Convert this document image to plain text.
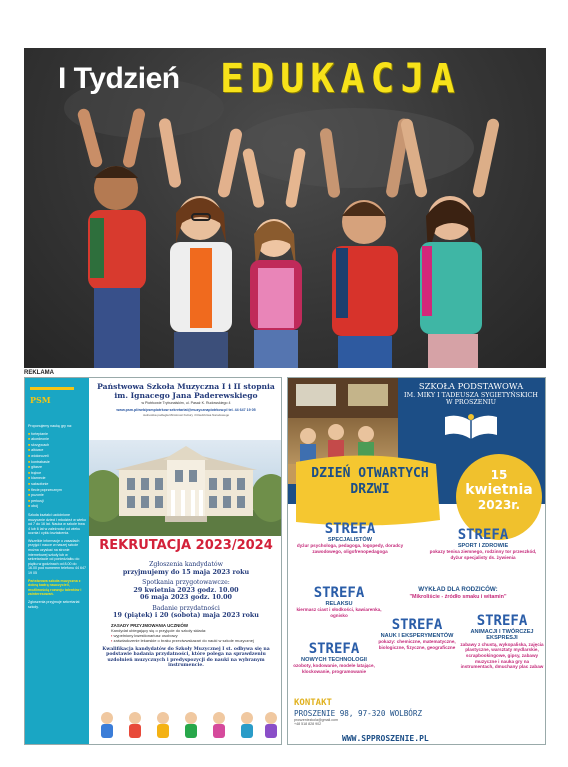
I Tydzień EDUKACJA
REKLAMA
PSM

Proponujemy naukę gry na:

■ fortepianie
■ akordeonie
■ skrzypcach
■ altówce
■ wiolonczeli
■ kontrabasie
■ gitarze
■ trąbce
■ klarnecie
■ saksofonie
■ flecie poprzecznym
■ puzonie
■ perkusji
■ obój

Szkoła kształci uzdolnione muzycznie dzieci i młodzież w wieku od 7 do 16 lat. Nauka w szkole trwa 4 lub 6 lat w zależności od wieku ucznia i cyklu kształcenia.

Wszelkie informacje o zasadach przyjęć i nauce w naszej szkole można uzyskać na stronie internetowej szkoły lub w sekretariacie od poniedziałku do piątku w godzinach od 8.00 do 16.00 pod numerem telefonu 44 647 19 05

Państwowa szkoła muzyczna z dobrą kadrą nauczycieli, możliwością rozwoju talentów i zainteresowań.

Zgłoszenia przyjmuje sekretariat szkoły.

Państwowa Szkoła Muzyczna I i II stopnia
im. Ignacego Jana Paderewskiego
w Piotrkowie Trybunalskim, ul. Pasaż K. Rudowskiego 4
www.psm.pl/web/psmpiotrkow sekretariat@muzycznapiotrkow.pl tel. 44 647 19 05
Jednostka podległa Ministrowi Kultury i Dziedzictwa Narodowego
REKRUTACJA 2023/2024
Zgłoszenia kandydatów
przyjmujemy do 15 maja 2023 roku
Spotkania przygotowawcze:
29 kwietnia 2023 godz. 10.00
06 maja 2023 godz. 10.00
Badanie przydatności
19 (piątek) i 20 (sobota) maja 2023 roku
ZASADY PRZYJMOWANIA UCZNIÓW
Kandydat ubiegający się o przyjęcie do szkoły składa:
▪ wypełniony kwestionariusz osobowy
▪ zaświadczenie lekarskie o braku przeciwwskazań do nauki w szkole muzycznej
Kwalifikacja kandydatów do Szkoły Muzycznej I st. odbywa się na podstawie badania przydatności, które polega na sprawdzeniu uzdolnień muzycznych i predyspozycji do nauki na wybranym instrumencie.
SZKOŁA PODSTAWOWA
IM. MIKY I TADEUSZA SYGIETYŃSKICH
W PROSZENIU
DZIEŃ OTWARTYCH DRZWI
15
kwietnia
2023r.
STREFA
SPECJALISTÓW
dyżur psychologa, pedagoga, logopedy, doradcy zawodowego, oligofrenopedagoga
STREFA
SPORT I ZDROWIE
pokazy tenisa ziemnego, rodzinny tor przeszkód, dyżur specjalisty ds. żywienia
STREFA
RELAKSU
kiermasz ciast i słodkości, kawiarenka, ognisko
WYKŁAD DLA RODZICÓW:
"Mikroliście - źródło smaku i witamin"
STREFA
NAUK I EKSPERYMENTÓW
pokazy: chemiczne, matematyczne, biologiczne, fizyczne, geograficzne
STREFA
ANIMACJI I TWÓRCZEJ EKSPRESJI
zabawy z chustą, wykopaliska, zajęcia plastyczne, warsztaty mydlarskie, scrapbookingowe, gipsy, zabawy muzyczne i nauka gry na instrumentach, dmuchany plac zabaw
STREFA
NOWYCH TECHNOLOGII
ozoboty, kodowanie, modele latające, klockowanie, programowanie
KONTAKT
PROSZENIE 98, 97-320 WOLBÓRZ
proszeniezkola@gmail.com
+48 518 828 902
WWW.SPPROSZENIE.PL
